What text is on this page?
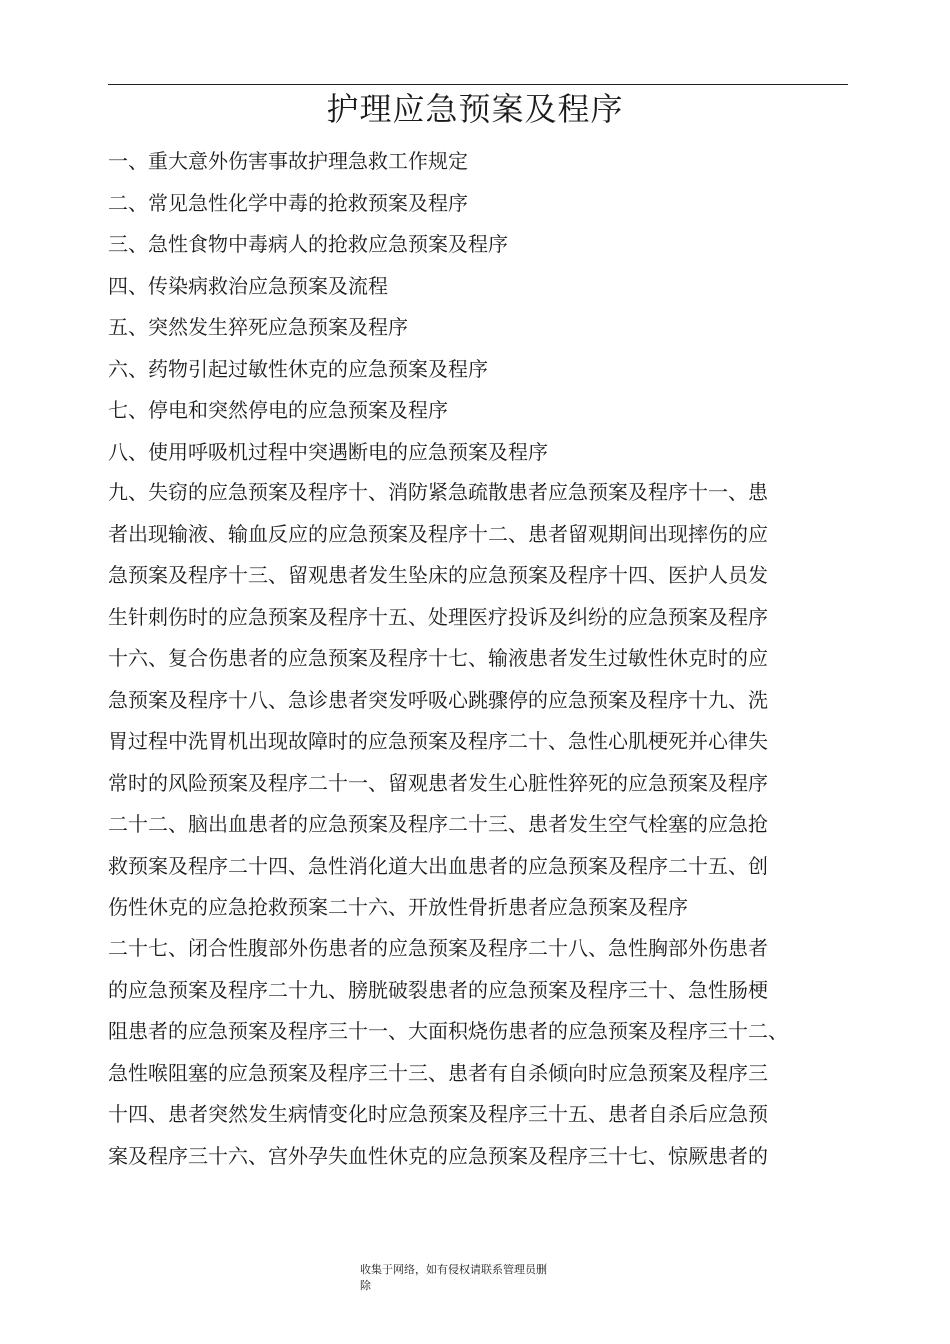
护理应急预案及程序
一、重大意外伤害事故护理急救工作规定
二、常见急性化学中毒的抢救预案及程序
三、急性食物中毒病人的抢救应急预案及程序
四、传染病救治应急预案及流程
五、突然发生猝死应急预案及程序
六、药物引起过敏性休克的应急预案及程序
七、停电和突然停电的应急预案及程序
八、使用呼吸机过程中突遇断电的应急预案及程序
九、失窃的应急预案及程序十、消防紧急疏散患者应急预案及程序十一、患
者出现输液、输血反应的应急预案及程序十二、患者留观期间出现摔伤的应
急预案及程序十三、留观患者发生坠床的应急预案及程序十四、医护人员发
生针刺伤时的应急预案及程序十五、处理医疗投诉及纠纷的应急预案及程序
十六、复合伤患者的应急预案及程序十七、输液患者发生过敏性休克时的应
急预案及程序十八、急诊患者突发呼吸心跳骤停的应急预案及程序十九、洗
胃过程中洗胃机出现故障时的应急预案及程序二十、急性心肌梗死并心律失
常时的风险预案及程序二十一、留观患者发生心脏性猝死的应急预案及程序
二十二、脑出血患者的应急预案及程序二十三、患者发生空气栓塞的应急抢
救预案及程序二十四、急性消化道大出血患者的应急预案及程序二十五、创
伤性休克的应急抢救预案二十六、开放性骨折患者应急预案及程序
二十七、闭合性腹部外伤患者的应急预案及程序二十八、急性胸部外伤患者
的应急预案及程序二十九、膀胱破裂患者的应急预案及程序三十、急性肠梗
阻患者的应急预案及程序三十一、大面积烧伤患者的应急预案及程序三十二、
急性喉阻塞的应急预案及程序三十三、患者有自杀倾向时应急预案及程序三
十四、患者突然发生病情变化时应急预案及程序三十五、患者自杀后应急预
案及程序三十六、宫外孕失血性休克的应急预案及程序三十七、惊厥患者的
收集于网络，如有侵权请联系管理员删
除
